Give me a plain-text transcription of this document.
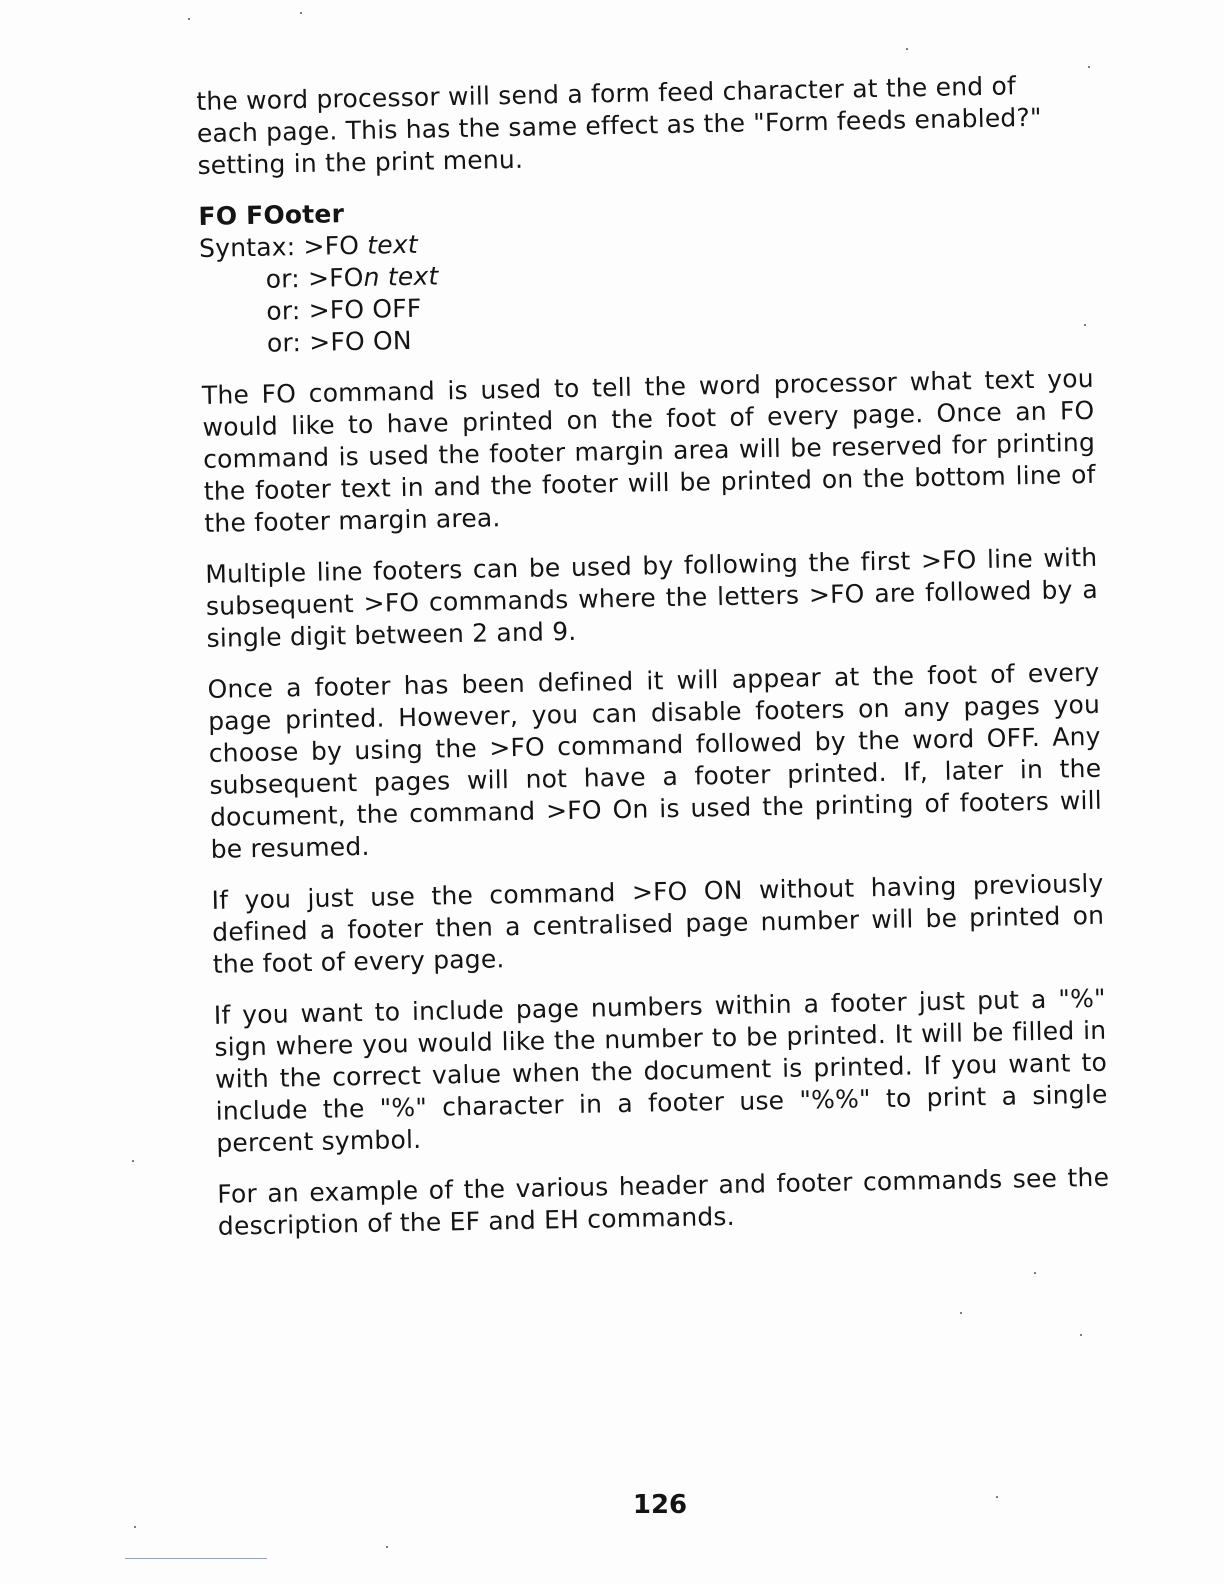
the word processor will send a form feed character at the end of
each page. This has the same effect as the "Form feeds enabled?"
setting in the print menu.
FO FOoter
Syntax: >FO text
or: >FOn text
or: >FO OFF
or: >FO ON

The FO command is used to tell the word processor what text you would like to have printed on the foot of every page. Once an FO command is used the footer margin area will be reserved for printing the footer text in and the footer will be printed on the bottom line of the footer margin area.

Multiple line footers can be used by following the first >FO line with subsequent >FO commands where the letters >FO are followed by a single digit between 2 and 9.

Once a footer has been defined it will appear at the foot of every page printed. However, you can disable footers on any pages you choose by using the >FO command followed by the word OFF. Any subsequent pages will not have a footer printed. If, later in the document, the command >FO On is used the printing of footers will be resumed.

If you just use the command >FO ON without having previously defined a footer then a centralised page number will be printed on the foot of every page.

If you want to include page numbers within a footer just put a "%" sign where you would like the number to be printed. It will be filled in with the correct value when the document is printed. If you want to include the "%" character in a footer use "%%" to print a single percent symbol.

For an example of the various header and footer commands see the description of the EF and EH commands.

126
